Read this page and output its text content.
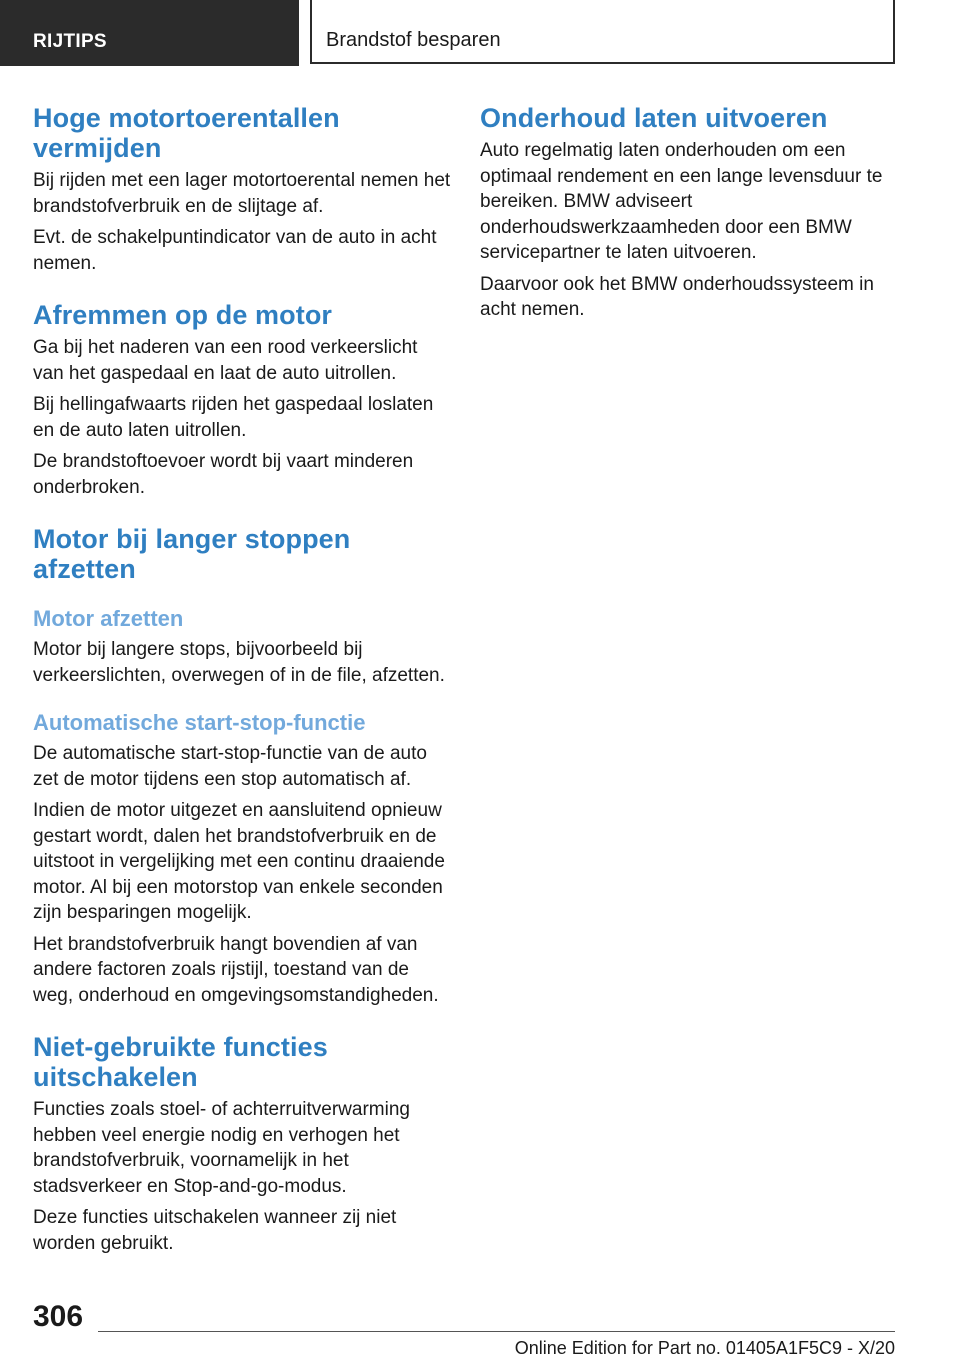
RIJTIPS	Brandstof besparen
Hoge motortoerentallen vermijden

Bij rijden met een lager motortoerental nemen het brandstofverbruik en de slijtage af.

Evt. de schakelpuntindicator van de auto in acht nemen.

Afremmen op de motor

Ga bij het naderen van een rood verkeerslicht van het gaspedaal en laat de auto uitrollen.

Bij hellingafwaarts rijden het gaspedaal loslaten en de auto laten uitrollen.

De brandstoftoevoer wordt bij vaart minderen onderbroken.

Motor bij langer stoppen afzetten
Motor afzetten

Motor bij langere stops, bijvoorbeeld bij verkeerslichten, overwegen of in de file, afzetten.

Automatische start-stop-functie

De automatische start-stop-functie van de auto zet de motor tijdens een stop automatisch af.

Indien de motor uitgezet en aansluitend opnieuw gestart wordt, dalen het brandstofverbruik en de uitstoot in vergelijking met een continu draaiende motor. Al bij een motorstop van enkele seconden zijn besparingen mogelijk.

Het brandstofverbruik hangt bovendien af van andere factoren zoals rijstijl, toestand van de weg, onderhoud en omgevingsomstandigheden.

Niet-gebruikte functies uitschakelen

Functies zoals stoel- of achterruitverwarming hebben veel energie nodig en verhogen het brandstofverbruik, voornamelijk in het stadsverkeer en Stop-and-go-modus.

Deze functies uitschakelen wanneer zij niet worden gebruikt.

Onderhoud laten uitvoeren

Auto regelmatig laten onderhouden om een optimaal rendement en een lange levensduur te bereiken. BMW adviseert onderhoudswerkzaamheden door een BMW servicepartner te laten uitvoeren.

Daarvoor ook het BMW onderhoudssysteem in acht nemen.

306
Online Edition for Part no. 01405A1F5C9 - X/20
